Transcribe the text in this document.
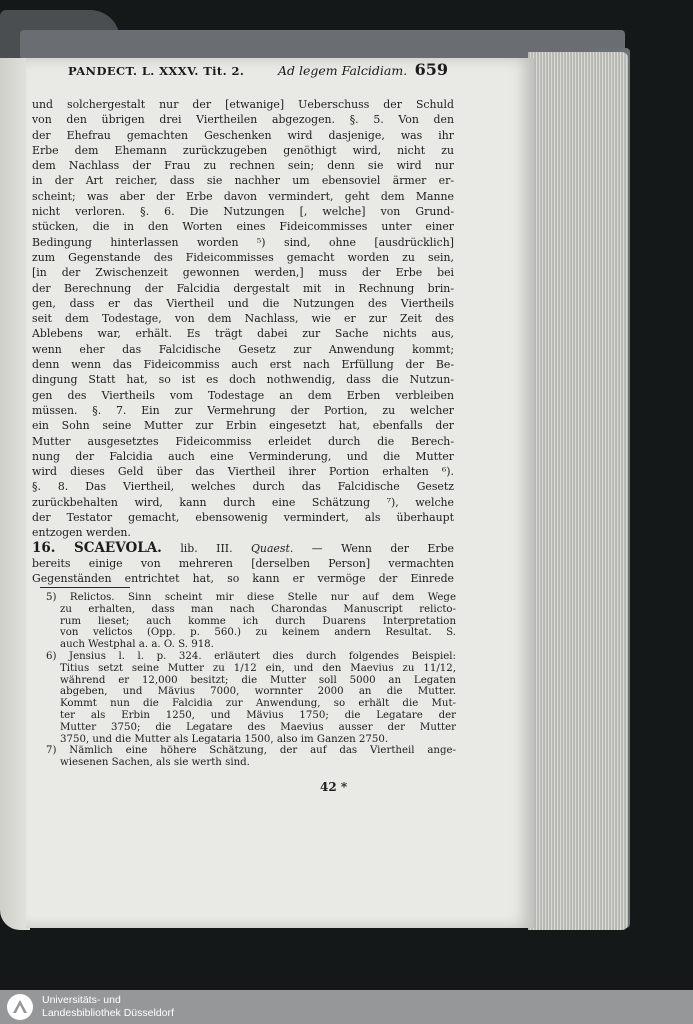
PANDECT. L. XXXV. Tit. 2.	Ad legem Falcidiam. 659
und solchergestalt nur der [etwanige] Ueberschuss der Schuld
von den übrigen drei Viertheilen abgezogen. §. 5. Von den
der Ehefrau gemachten Geschenken wird dasjenige, was ihr
Erbe dem Ehemann zurückzugeben genöthigt wird, nicht zu
dem Nachlass der Frau zu rechnen sein; denn sie wird nur
in der Art reicher, dass sie nachher um ebensoviel ärmer er-
scheint; was aber der Erbe davon vermindert, geht dem Manne
nicht verloren. §. 6. Die Nutzungen [, welche] von Grund-
stücken, die in den Worten eines Fideicommisses unter einer
Bedingung hinterlassen worden ⁵) sind, ohne [ausdrücklich]
zum Gegenstande des Fideicommisses gemacht worden zu sein,
[in der Zwischenzeit gewonnen werden,] muss der Erbe bei
der Berechnung der Falcidia dergestalt mit in Rechnung brin-
gen, dass er das Viertheil und die Nutzungen des Viertheils
seit dem Todestage, von dem Nachlass, wie er zur Zeit des
Ablebens war, erhält. Es trägt dabei zur Sache nichts aus,
wenn eher das Falcidische Gesetz zur Anwendung kommt;
denn wenn das Fideicommiss auch erst nach Erfüllung der Be-
dingung Statt hat, so ist es doch nothwendig, dass die Nutzun-
gen des Viertheils vom Todestage an dem Erben verbleiben
müssen. §. 7. Ein zur Vermehrung der Portion, zu welcher
ein Sohn seine Mutter zur Erbin eingesetzt hat, ebenfalls der
Mutter ausgesetztes Fideicommiss erleidet durch die Berech-
nung der Falcidia auch eine Verminderung, und die Mutter
wird dieses Geld über das Viertheil ihrer Portion erhalten ⁶).
§. 8. Das Viertheil, welches durch das Falcidische Gesetz
zurückbehalten wird, kann durch eine Schätzung ⁷), welche
der Testator gemacht, ebensowenig vermindert, als überhaupt
entzogen werden.
16. SCAEVOLA. lib. III. Quaest. — Wenn der Erbe
bereits einige von mehreren [derselben Person] vermachten
Gegenständen entrichtet hat, so kann er vermöge der Einrede
5) Relictos. Sinn scheint mir diese Stelle nur auf dem Wege
zu erhalten, dass man nach Charondas Manuscript relicto-
rum lieset; auch komme ich durch Duarens Interpretation
von velictos (Opp. p. 560.) zu keinem andern Resultat. S.
auch Westphal a. a. O. S. 918.
6) Jensius l. l. p. 324. erläutert dies durch folgendes Beispiel:
Titius setzt seine Mutter zu 1/12 ein, und den Maevius zu 11/12,
während er 12,000 besitzt; die Mutter soll 5000 an Legaten
abgeben, und Mävius 7000, wornnter 2000 an die Mutter.
Kommt nun die Falcidia zur Anwendung, so erhält die Mut-
ter als Erbin 1250, und Mävius 1750; die Legatare der
Mutter 3750; die Legatare des Maevius ausser der Mutter
3750, und die Mutter als Legataria 1500, also im Ganzen 2750.
7) Nämlich eine höhere Schätzung, der auf das Viertheil ange-
wiesenen Sachen, als sie werth sind.
42 *
Universitäts- und
Landesbibliothek Düsseldorf
